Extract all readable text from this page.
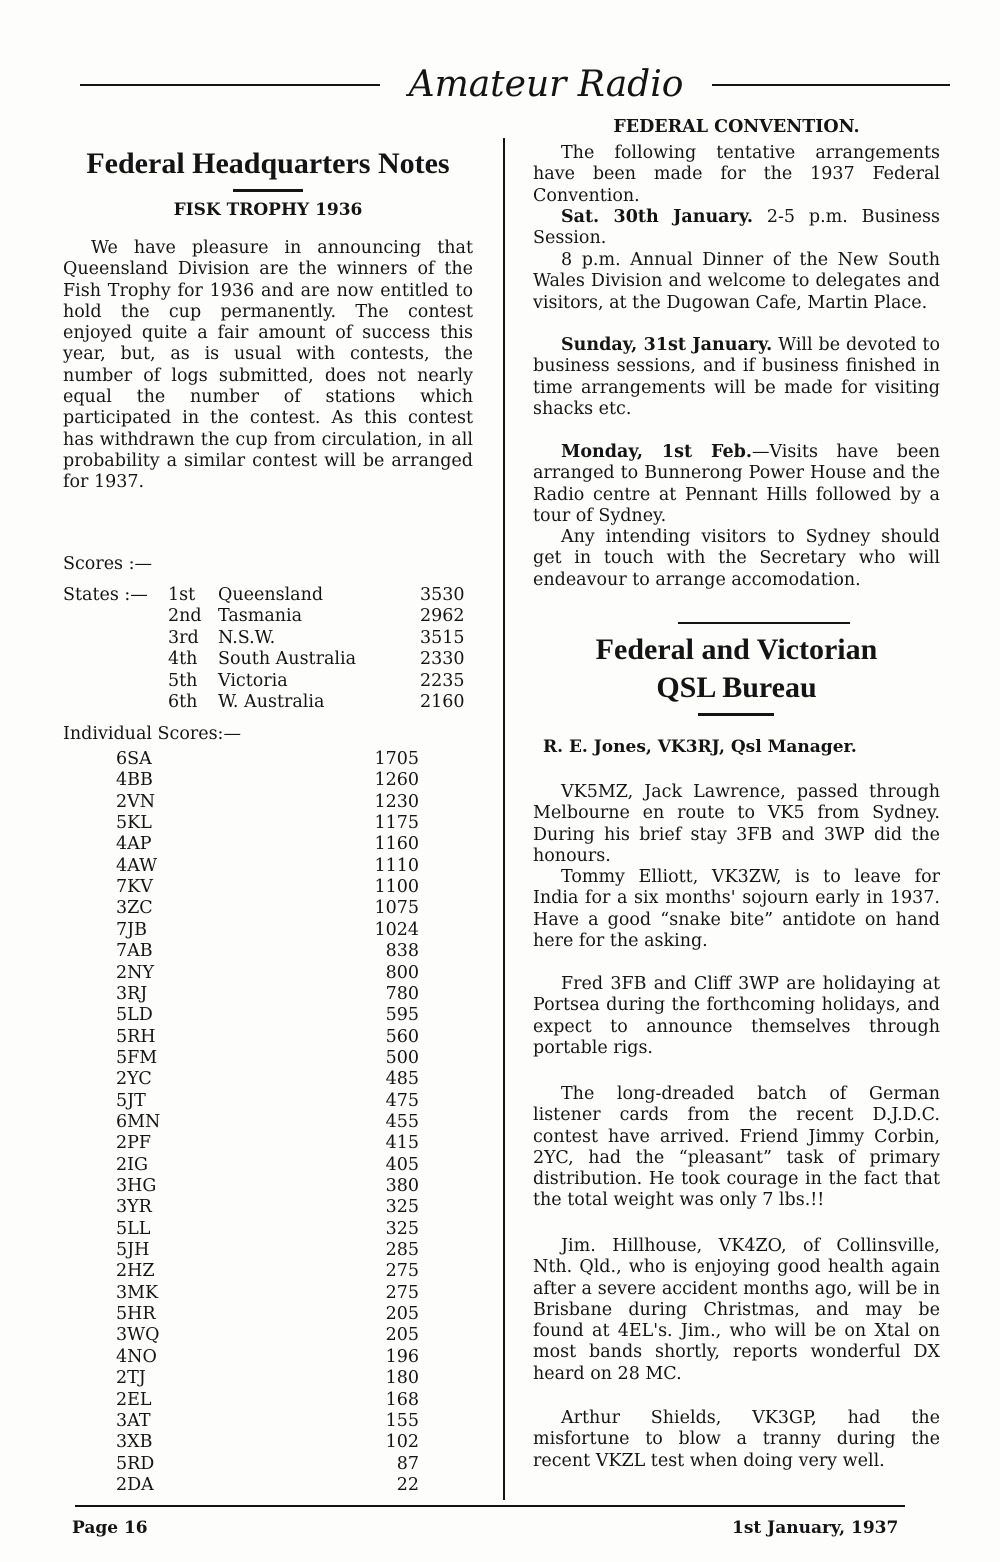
Amateur Radio
Federal Headquarters Notes
FISK TROPHY 1936

We have pleasure in announcing that Queensland Division are the winners of the Fish Trophy for 1936 and are now entitled to hold the cup permanently. The contest enjoyed quite a fair amount of success this year, but, as is usual with contests, the number of logs submitted, does not nearly equal the number of stations which participated in the contest. As this contest has withdrawn the cup from circulation, in all probability a similar contest will be arranged for 1937.

Scores :—
States :— 1st Queensland	3530
2nd Tasmania	2962
3rd N.S.W.	3515
4th South Australia	2330
5th Victoria	2235
6th W. Australia	2160
Individual Scores:—
6SA	1705
4BB	1260
2VN	1230
5KL	1175
4AP	1160
4AW	1110
7KV	1100
3ZC	1075
7JB	1024
7AB	838
2NY	800
3RJ	780
5LD	595
5RH	560
5FM	500
2YC	485
5JT	475
6MN	455
2PF	415
2IG	405
3HG	380
3YR	325
5LL	325
5JH	285
2HZ	275
3MK	275
5HR	205
3WQ	205
4NO	196
2TJ	180
2EL	168
3AT	155
3XB	102
5RD	87
2DA	22
FEDERAL CONVENTION.

The following tentative arrangements have been made for the 1937 Federal Convention.

Sat. 30th January. 2-5 p.m. Business Session.

8 p.m. Annual Dinner of the New South Wales Division and welcome to delegates and visitors, at the Dugowan Cafe, Martin Place.

Sunday, 31st January. Will be devoted to business sessions, and if business finished in time arrangements will be made for visiting shacks etc.

Monday, 1st Feb.—Visits have been arranged to Bunnerong Power House and the Radio centre at Pennant Hills followed by a tour of Sydney.

Any intending visitors to Sydney should get in touch with the Secretary who will endeavour to arrange accomodation.

Federal and Victorian
QSL Bureau
R. E. Jones, VK3RJ, Qsl Manager.

VK5MZ, Jack Lawrence, passed through Melbourne en route to VK5 from Sydney. During his brief stay 3FB and 3WP did the honours.

Tommy Elliott, VK3ZW, is to leave for India for a six months' sojourn early in 1937. Have a good “snake bite” antidote on hand here for the asking.

Fred 3FB and Cliff 3WP are holidaying at Portsea during the forthcoming holidays, and expect to announce themselves through portable rigs.

The long-dreaded batch of German listener cards from the recent D.J.D.C. contest have arrived. Friend Jimmy Corbin, 2YC, had the “pleasant” task of primary distribution. He took courage in the fact that the total weight was only 7 lbs.!!

Jim. Hillhouse, VK4ZO, of Collinsville, Nth. Qld., who is enjoying good health again after a severe accident months ago, will be in Brisbane during Christmas, and may be found at 4EL's. Jim., who will be on Xtal on most bands shortly, reports wonderful DX heard on 28 MC.

Arthur Shields, VK3GP, had the misfortune to blow a tranny during the recent VKZL test when doing very well.

Page 16	1st January, 1937
